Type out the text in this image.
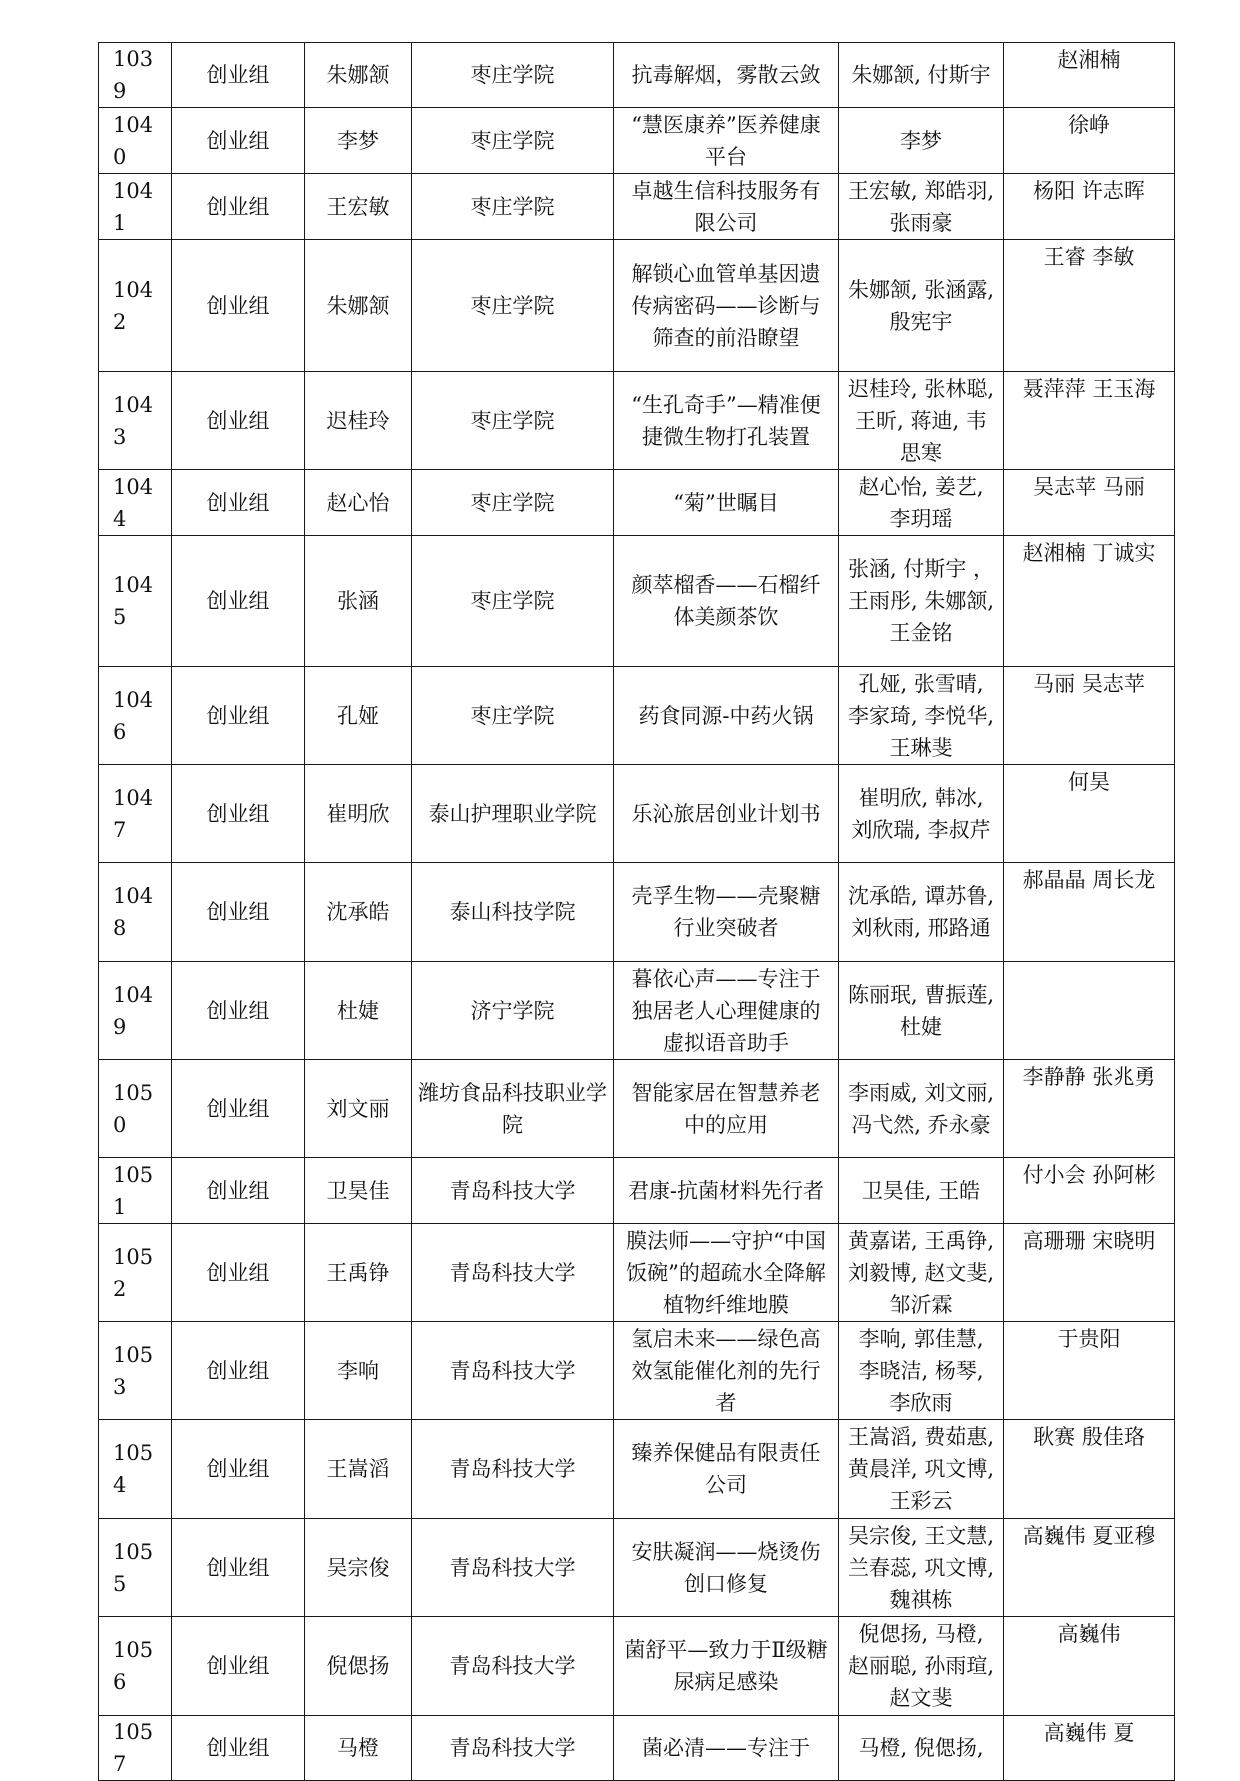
1039	创业组	朱娜颔	枣庄学院	抗毒解烟，雾散云敛	朱娜颔, 付斯宇	赵湘楠
1040	创业组	李梦	枣庄学院	“慧医康养”医养健康平台	李梦	徐峥
1041	创业组	王宏敏	枣庄学院	卓越生信科技服务有限公司	王宏敏, 郑皓羽, 张雨豪	杨阳 许志晖
1042	创业组	朱娜颔	枣庄学院	解锁心血管单基因遗传病密码——诊断与筛查的前沿瞭望	朱娜颔, 张涵露, 殷宪宇	王睿 李敏
1043	创业组	迟桂玲	枣庄学院	“生孔奇手”—精准便捷微生物打孔装置	迟桂玲, 张林聪, 王昕, 蒋迪, 韦思寒	聂萍萍 王玉海
1044	创业组	赵心怡	枣庄学院	“菊”世瞩目	赵心怡, 姜艺, 李玥瑶	吴志苹 马丽
1045	创业组	张涵	枣庄学院	颜萃榴香——石榴纤体美颜茶饮	张涵, 付斯宇 ，王雨彤, 朱娜颔, 王金铭	赵湘楠 丁诚实
1046	创业组	孔娅	枣庄学院	药食同源-中药火锅	孔娅, 张雪晴, 李家琦, 李悦华, 王琳斐	马丽 吴志苹
1047	创业组	崔明欣	泰山护理职业学院	乐沁旅居创业计划书	崔明欣, 韩冰, 刘欣瑞, 李叔芹	何昊
1048	创业组	沈承皓	泰山科技学院	壳孚生物——壳聚糖行业突破者	沈承皓, 谭苏鲁, 刘秋雨, 邢路通	郝晶晶 周长龙
1049	创业组	杜婕	济宁学院	暮依心声——专注于独居老人心理健康的虚拟语音助手	陈丽珉, 曹振莲, 杜婕	
1050	创业组	刘文丽	潍坊食品科技职业学院	智能家居在智慧养老中的应用	李雨威, 刘文丽, 冯弋然, 乔永豪	李静静 张兆勇
1051	创业组	卫昊佳	青岛科技大学	君康-抗菌材料先行者	卫昊佳, 王皓	付小会 孙阿彬
1052	创业组	王禹铮	青岛科技大学	膜法师——守护“中国饭碗”的超疏水全降解植物纤维地膜	黄嘉诺, 王禹铮, 刘毅博, 赵文斐, 邹沂霖	高珊珊 宋晓明
1053	创业组	李响	青岛科技大学	氢启未来——绿色高效氢能催化剂的先行者	李响, 郭佳慧, 李晓洁, 杨琴, 李欣雨	于贵阳
1054	创业组	王嵩滔	青岛科技大学	臻养保健品有限责任公司	王嵩滔, 费茹惠, 黄晨洋, 巩文博, 王彩云	耿赛 殷佳珞
1055	创业组	吴宗俊	青岛科技大学	安肤凝润——烧烫伤创口修复	吴宗俊, 王文慧, 兰春蕊, 巩文博, 魏祺栋	高巍伟 夏亚穆
1056	创业组	倪偲扬	青岛科技大学	菌舒平—致力于Ⅱ级糖尿病足感染	倪偲扬, 马橙, 赵丽聪, 孙雨瑄, 赵文斐	高巍伟
1057	创业组	马橙	青岛科技大学	菌必清——专注于	马橙, 倪偲扬,	高巍伟 夏
